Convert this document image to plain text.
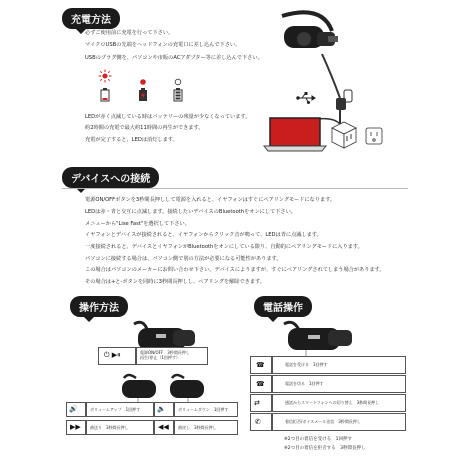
充電方法
必ずご使用前に充電を行って下さい。
マイクロUSBの先端をヘッドフォンの充電口に差し込んで下さい。
USBのプラグ側を、パソコンや市販のACアダプター等に差し込んで下さい。
LEDが赤く点滅している時はバッテリーの残量が少なくなっています。
約2時間の充電で最大約11時間の再生ができます。
充電が完了すると、LEDは消灯します。
デバイスへの接続
電源ON/OFFボタンを3秒間長押しして電源を入れると、イヤフォンはすぐにペアリングモードになります。
LEDは赤・青と交互に点滅します。接続したいデバイスのBluetoothをオンにして下さい。
メニューから"Lise Fast"を選択して下さい。
イヤフォンとデバイスが接続されると、イヤフォンからクリック音が鳴って、LEDは青に点滅します。
一度接続されると、デバイスとイヤフォンがBluetoothをオンにしている限り、自動的にペアリングモードに入ります。
パソコンに接続する場合は、パソコン側で別の方法が必要になる可能性があります。
この場合はパソコンのメーカーにお問い合わせ下さい。デバイスによりますが、すぐにペアリングされてしまう場合があります。
その場合は+と-ボタンを同時に3秒間長押しし、ペアリングを解除できます。
操作方法
⏻ ▶⏸	電源ON/OFF　3秒間長押し
再生/停止（1回押す）
🔊	ボリュームアップ　1回押す 🔉	ボリュームダウン　1回押す
▶▶ 曲送り　3秒間長押し	◀◀ 曲戻し　3秒間長押し
電話操作
☎	電話を受ける　1回押す
☎	電話を切る　1回押す
⇄	通話からスマートフォンへの切り替え　3秒間長押し
✆	着信拒否/ボイスメール送信　3秒間長押し
※2つ目の着信を受ける　1回押す
※2つ目の着信を拒否する　3秒間長押し
